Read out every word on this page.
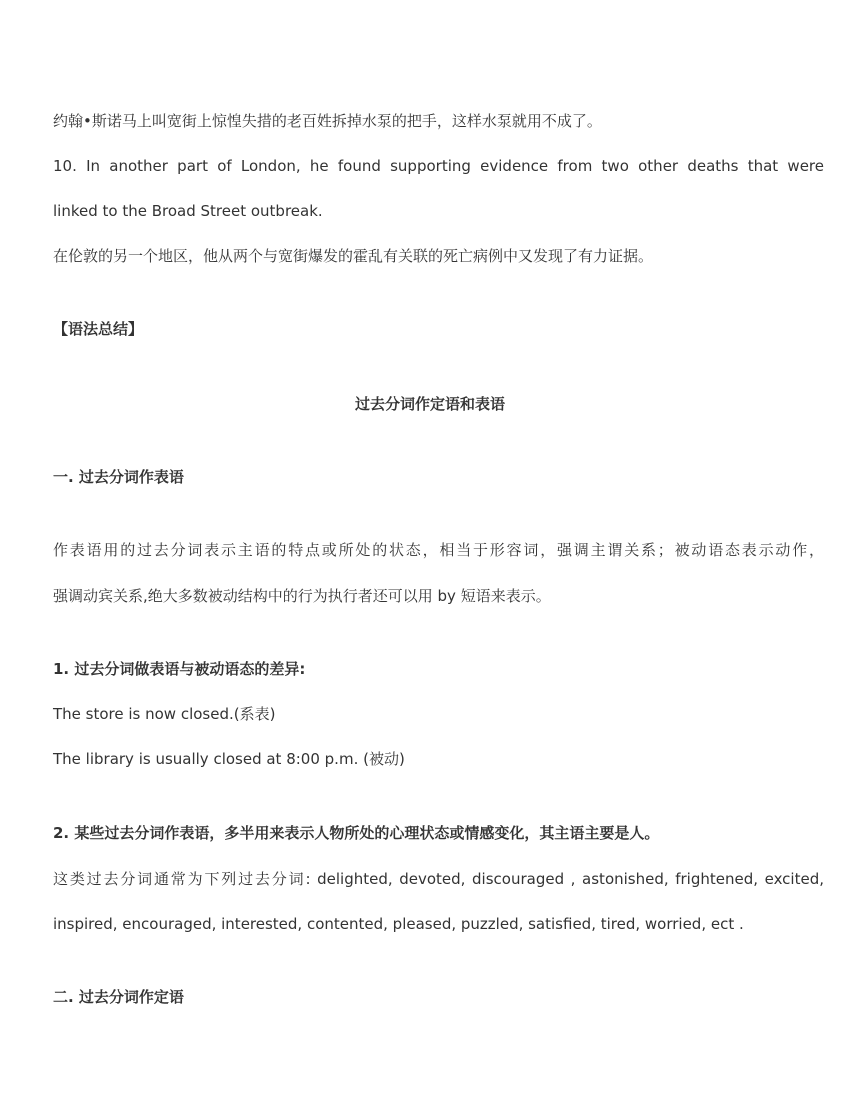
约翰•斯诺马上叫宽街上惊惶失措的老百姓拆掉水泵的把手，这样水泵就用不成了。
10. In another part of London, he found supporting evidence from two other deaths that were
linked to the Broad Street outbreak.
在伦敦的另一个地区，他从两个与宽街爆发的霍乱有关联的死亡病例中又发现了有力证据。
【语法总结】
过去分词作定语和表语
一. 过去分词作表语
作表语用的过去分词表示主语的特点或所处的状态，相当于形容词，强调主谓关系；被动语态表示动作，
强调动宾关系,绝大多数被动结构中的行为执行者还可以用 by 短语来表示。
1. 过去分词做表语与被动语态的差异:
The store is now closed.(系表)
The library is usually closed at 8:00 p.m. (被动)
2. 某些过去分词作表语，多半用来表示人物所处的心理状态或情感变化，其主语主要是人。
这类过去分词通常为下列过去分词: delighted, devoted, discouraged , astonished, frightened, excited,
inspired, encouraged, interested, contented, pleased, puzzled, satisfied, tired, worried, ect .
二. 过去分词作定语
